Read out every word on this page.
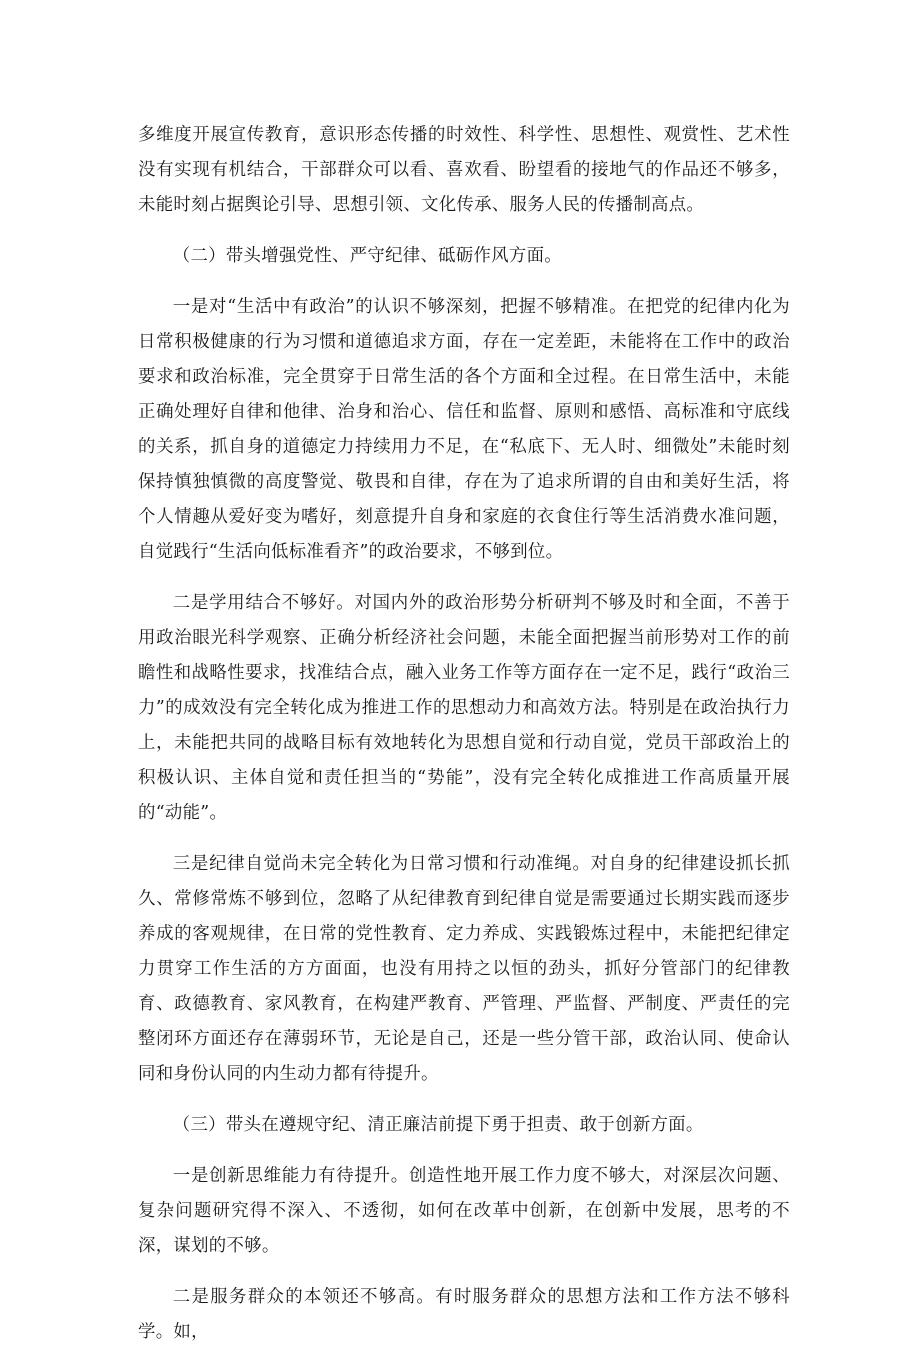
多维度开展宣传教育，意识形态传播的时效性、科学性、思想性、观赏性、艺术性没有实现有机结合，干部群众可以看、喜欢看、盼望看的接地气的作品还不够多，未能时刻占据舆论引导、思想引领、文化传承、服务人民的传播制高点。

（二）带头增强党性、严守纪律、砥砺作风方面。

一是对“生活中有政治”的认识不够深刻，把握不够精准。在把党的纪律内化为日常积极健康的行为习惯和道德追求方面，存在一定差距，未能将在工作中的政治要求和政治标准，完全贯穿于日常生活的各个方面和全过程。在日常生活中，未能正确处理好自律和他律、治身和治心、信任和监督、原则和感悟、高标准和守底线的关系，抓自身的道德定力持续用力不足，在“私底下、无人时、细微处”未能时刻保持慎独慎微的高度警觉、敬畏和自律，存在为了追求所谓的自由和美好生活，将个人情趣从爱好变为嗜好，刻意提升自身和家庭的衣食住行等生活消费水准问题，自觉践行“生活向低标准看齐”的政治要求，不够到位。

二是学用结合不够好。对国内外的政治形势分析研判不够及时和全面，不善于用政治眼光科学观察、正确分析经济社会问题，未能全面把握当前形势对工作的前瞻性和战略性要求，找准结合点，融入业务工作等方面存在一定不足，践行“政治三力”的成效没有完全转化成为推进工作的思想动力和高效方法。特别是在政治执行力上，未能把共同的战略目标有效地转化为思想自觉和行动自觉，党员干部政治上的积极认识、主体自觉和责任担当的“势能”，没有完全转化成推进工作高质量开展的“动能”。

三是纪律自觉尚未完全转化为日常习惯和行动准绳。对自身的纪律建设抓长抓久、常修常炼不够到位，忽略了从纪律教育到纪律自觉是需要通过长期实践而逐步养成的客观规律，在日常的党性教育、定力养成、实践锻炼过程中，未能把纪律定力贯穿工作生活的方方面面，也没有用持之以恒的劲头，抓好分管部门的纪律教育、政德教育、家风教育，在构建严教育、严管理、严监督、严制度、严责任的完整闭环方面还存在薄弱环节，无论是自己，还是一些分管干部，政治认同、使命认同和身份认同的内生动力都有待提升。

（三）带头在遵规守纪、清正廉洁前提下勇于担责、敢于创新方面。

一是创新思维能力有待提升。创造性地开展工作力度不够大，对深层次问题、复杂问题研究得不深入、不透彻，如何在改革中创新，在创新中发展，思考的不深，谋划的不够。

二是服务群众的本领还不够高。有时服务群众的思想方法和工作方法不够科学。如，
